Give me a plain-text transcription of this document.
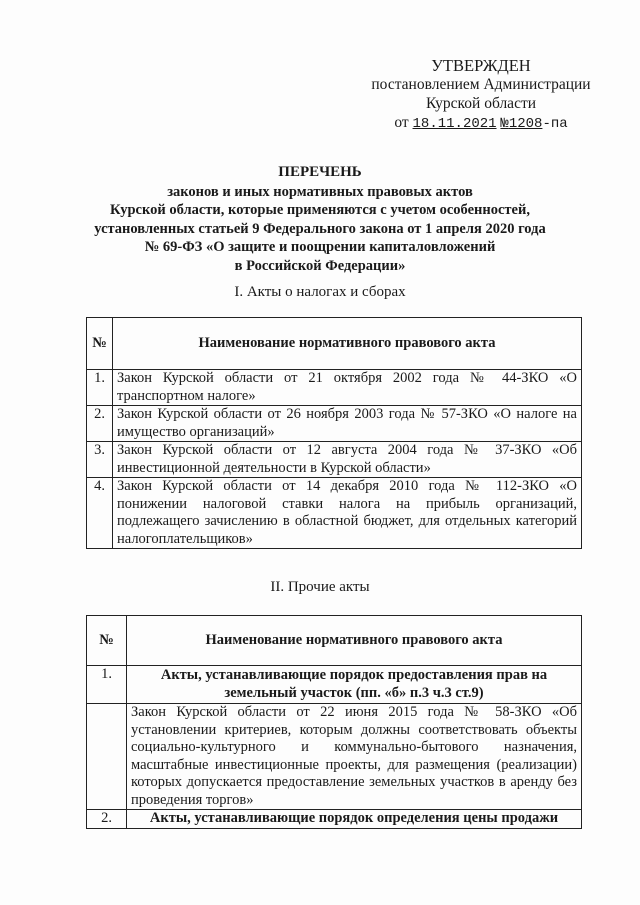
УТВЕРЖДЕН
постановлением Администрации
Курской области
от 18.11.2021 №1208-па
ПЕРЕЧЕНЬ
законов и иных нормативных правовых актов
Курской области, которые применяются с учетом особенностей,
установленных статьей 9 Федерального закона от 1 апреля 2020 года
№ 69-ФЗ «О защите и поощрении капиталовложений
в Российской Федерации»
I. Акты о налогах и сборах
№	Наименование нормативного правового акта
1.	Закон Курской области от 21 октября 2002 года № 44-ЗКО «О транспортном налоге»
2.	Закон Курской области от 26 ноября 2003 года № 57-ЗКО «О налоге на имущество организаций»
3.	Закон Курской области от 12 августа 2004 года № 37-ЗКО «Об инвестиционной деятельности в Курской области»
4.	Закон Курской области от 14 декабря 2010 года № 112-ЗКО «О понижении налоговой ставки налога на прибыль организаций, подлежащего зачислению в областной бюджет, для отдельных категорий налогоплательщиков»
II. Прочие акты
№	Наименование нормативного правового акта
1.	Акты, устанавливающие порядок предоставления прав на земельный участок (пп. «б» п.3 ч.3 ст.9)
	Закон Курской области от 22 июня 2015 года № 58-ЗКО «Об установлении критериев, которым должны соответствовать объекты социально-культурного и коммунально-бытового назначения, масштабные инвестиционные проекты, для размещения (реализации) которых допускается предоставление земельных участков в аренду без проведения торгов»
2.	Акты, устанавливающие порядок определения цены продажи
